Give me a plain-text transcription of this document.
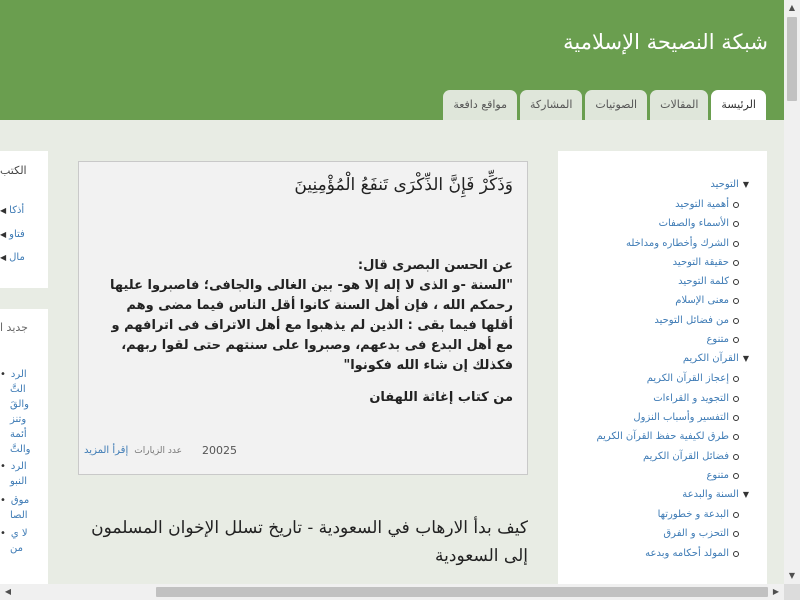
شبكة النصيحة الإسلامية
الرئيسة
المقالات
الصوتيات
المشاركة
مواقع دافعة
وَذَكِّرْ فَإِنَّ الذِّكْرَى تَنفَعُ الْمُؤْمِنِينَ

عن الحسن البصرى قال:

"السنة -و الذى لا إله إلا هو- بين الغالى والجافى؛ فاصبروا عليها رحمكم الله ، فإن أهل السنة كانوا أقل الناس فيما مضى وهم أقلها فيما بقى : الذين لم يذهبوا مع أهل الاتراف فى اترافهم و مع أهل البدع فى بدعهم، وصبروا على سنتهم حتى لقوا ربهم، فكذلك إن شاء الله فكونوا"

من كتاب إغاثة اللهفان

إقرأ المزيد عدد الزيارات 20025
كيف بدأ الارهاب في السعودية - تاريخ تسلل الإخوان المسلمون إلى السعودية
▼التوحيد
أهمية التوحيد
الأسماء والصفات
الشرك وأخطاره ومداخله
حقيقة التوحيد
كلمة التوحيد
معنى الإسلام
من فضائل التوحيد
متنوع
▼القرآن الكريم
إعجاز القرآن الكريم
التجويد و القراءات
التفسير وأسباب النزول
طرق لكيفية حفظ القرآن الكريم
فضائل القرآن الكريم
متنوع
▼السنة والبدعة
البدعة و خطورتها
التحزب و الفرق
المولد أحكامه وبدعه
الكتب
◀ أذكا
◀ فتاو
◀ مال
جديد ا
• الرد
التَّ
والقَ
وتنز
أئمة
والتَّ
• الرد
النبو
• موق
الصا
• لا ي
من
▲
▼
◀	▶
